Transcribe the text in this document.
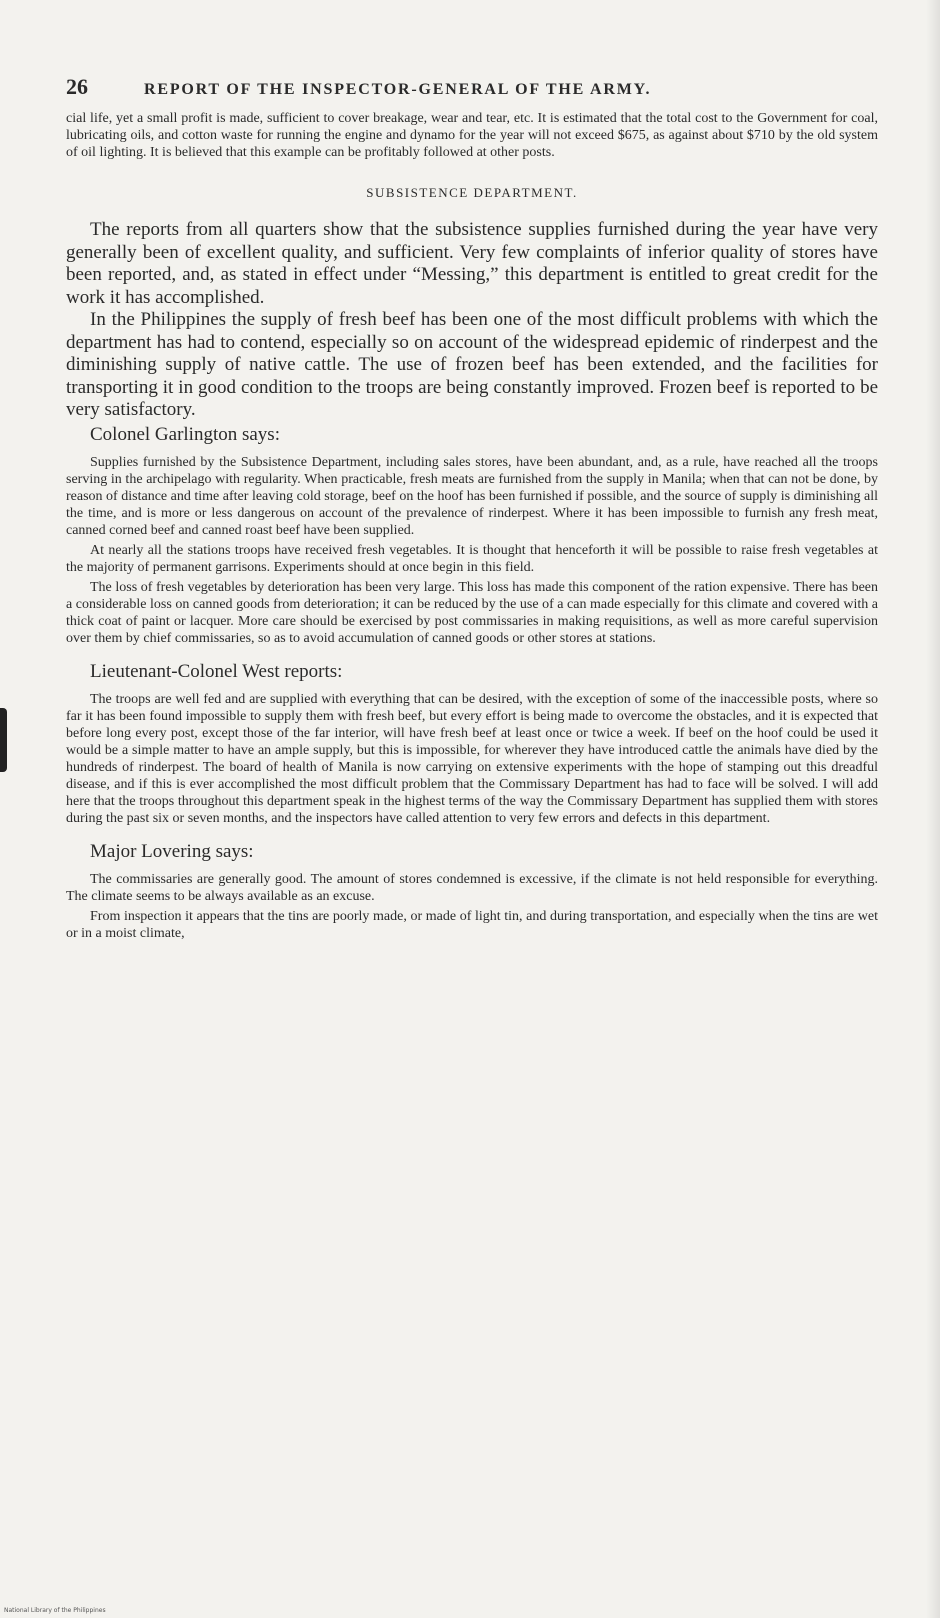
26	REPORT OF THE INSPECTOR-GENERAL OF THE ARMY.

cial life, yet a small profit is made, sufficient to cover breakage, wear and tear, etc. It is estimated that the total cost to the Government for coal, lubricating oils, and cotton waste for running the engine and dynamo for the year will not exceed $675, as against about $710 by the old system of oil lighting. It is believed that this example can be profitably followed at other posts.

SUBSISTENCE DEPARTMENT.

The reports from all quarters show that the subsistence supplies furnished during the year have very generally been of excellent quality, and sufficient. Very few complaints of inferior quality of stores have been reported, and, as stated in effect under “Messing,” this department is entitled to great credit for the work it has accomplished.

In the Philippines the supply of fresh beef has been one of the most difficult problems with which the department has had to contend, especially so on account of the widespread epidemic of rinderpest and the diminishing supply of native cattle. The use of frozen beef has been extended, and the facilities for transporting it in good condition to the troops are being constantly improved. Frozen beef is reported to be very satisfactory.

Colonel Garlington says:

Supplies furnished by the Subsistence Department, including sales stores, have been abundant, and, as a rule, have reached all the troops serving in the archipelago with regularity. When practicable, fresh meats are furnished from the supply in Manila; when that can not be done, by reason of distance and time after leaving cold storage, beef on the hoof has been furnished if possible, and the source of supply is diminishing all the time, and is more or less dangerous on account of the prevalence of rinderpest. Where it has been impossible to furnish any fresh meat, canned corned beef and canned roast beef have been supplied.

At nearly all the stations troops have received fresh vegetables. It is thought that henceforth it will be possible to raise fresh vegetables at the majority of permanent garrisons. Experiments should at once begin in this field.

The loss of fresh vegetables by deterioration has been very large. This loss has made this component of the ration expensive. There has been a considerable loss on canned goods from deterioration; it can be reduced by the use of a can made especially for this climate and covered with a thick coat of paint or lacquer. More care should be exercised by post commissaries in making requisitions, as well as more careful supervision over them by chief commissaries, so as to avoid accumulation of canned goods or other stores at stations.

Lieutenant-Colonel West reports:

The troops are well fed and are supplied with everything that can be desired, with the exception of some of the inaccessible posts, where so far it has been found impossible to supply them with fresh beef, but every effort is being made to overcome the obstacles, and it is expected that before long every post, except those of the far interior, will have fresh beef at least once or twice a week. If beef on the hoof could be used it would be a simple matter to have an ample supply, but this is impossible, for wherever they have introduced cattle the animals have died by the hundreds of rinderpest. The board of health of Manila is now carrying on extensive experiments with the hope of stamping out this dreadful disease, and if this is ever accomplished the most difficult problem that the Commissary Department has had to face will be solved. I will add here that the troops throughout this department speak in the highest terms of the way the Commissary Department has supplied them with stores during the past six or seven months, and the inspectors have called attention to very few errors and defects in this department.

Major Lovering says:

The commissaries are generally good. The amount of stores condemned is excessive, if the climate is not held responsible for everything. The climate seems to be always available as an excuse.

From inspection it appears that the tins are poorly made, or made of light tin, and during transportation, and especially when the tins are wet or in a moist climate,

National Library of the Philippines
